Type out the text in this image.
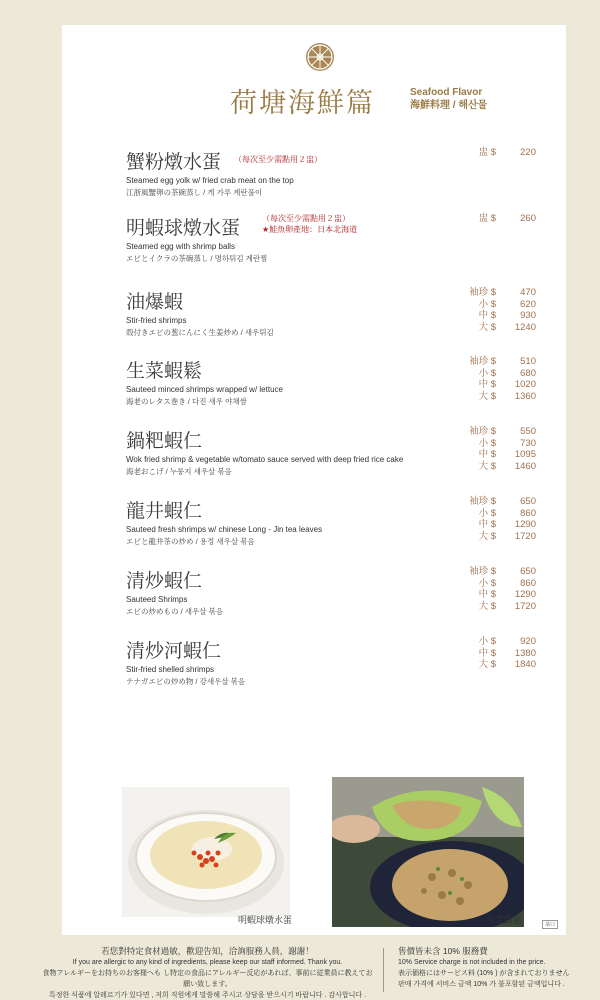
荷塘海鮮篇	Seafood Flavor
海鮮料理 / 해산물
蟹粉燉水蛋 （每次至少需點用２盅）
Steamed egg yolk w/ fried crab meat on the top
江浙風蟹卵の茶碗蒸し / 게 가루 계란풀이
盅 $	220
明蝦球燉水蛋	（每次至少需點用２盅）
★鮭魚卵產地：日本北海道
Steamed egg with shrimp balls
エビとイクラの茶碗蒸し / 명하튀김 계란찜
盅 $	260
油爆蝦
Stir-fried shrimps
殻付きエビの葱にんにく生姜炒め / 새우튀김
袖珍 $	470
小 $	620
中 $	930
大 $	1240
生菜蝦鬆
Sauteed minced shrimps wrapped w/ lettuce
海老のレタス巻き / 다진 새우 야채쌈
袖珍 $	510
小 $	680
中 $	1020
大 $	1360
鍋粑蝦仁
Wok fried shrimp & vegetable w/tomato sauce served with deep fried rice cake
海老おこげ / 누룽지 새우살 볶음
袖珍 $	550
小 $	730
中 $	1095
大 $	1460
龍井蝦仁
Sauteed fresh shrimps w/ chinese Long - Jin tea leaves
エビと龍井茶の炒め / 용정 새우살 볶음
袖珍 $	650
小 $	860
中 $	1290
大 $	1720
清炒蝦仁
Sauteed Shrimps
エビの炒めもの / 새우살 볶음
袖珍 $	650
小 $	860
中 $	1290
大 $	1720
清炒河蝦仁
Stir-fried shelled shrimps
テナガエビの炒め物 / 강새우살 볶음
小 $	920
中 $	1380
大 $	1840
明蝦球燉水蛋	生菜蝦鬆	菜口
若您對特定食材過敏，歡迎告知，洽詢服務人員，謝謝！
If you are allergic to any kind of ingredients, please keep our staff informed. Thank you.
食物アレルギーをお持ちのお客様へも し特定の食品にアレルギー反応があれば、事前に従業員に教えてお願い致します。
특정한 식품에 알레르기가 있다면 , 저희 직원에게 말씀해 주시고 상담을 받으시기 바랍니다 . 감사합니다 .
售價皆未含 10% 服務費
10% Service charge is not included in the price.
表示価格にはサービス料 (10% ) が含まれておりません
판매 가격에 서비스 금액 10% 가 불포함된 금액입니다 .
